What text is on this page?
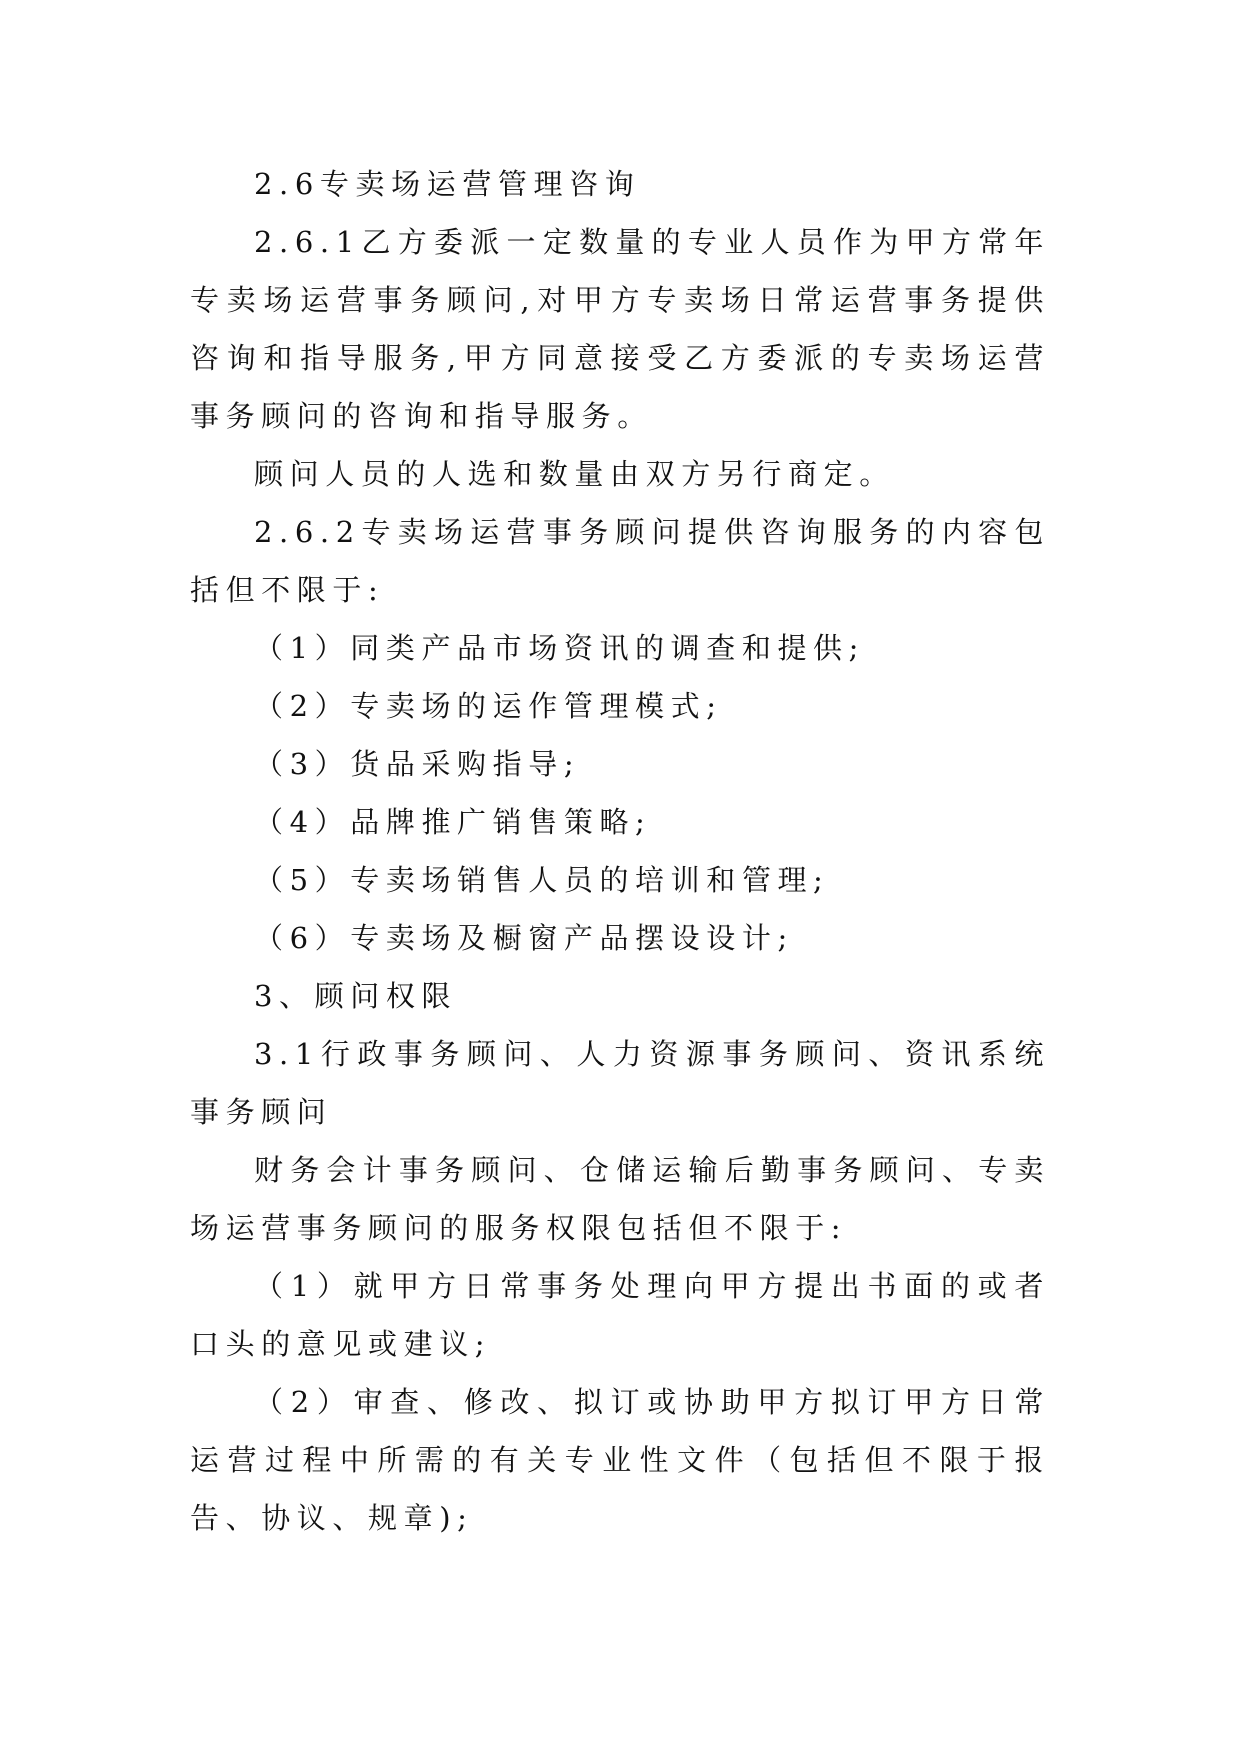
2.6专卖场运营管理咨询

2.6.1乙方委派一定数量的专业人员作为甲方常年专卖场运营事务顾问,对甲方专卖场日常运营事务提供咨询和指导服务,甲方同意接受乙方委派的专卖场运营事务顾问的咨询和指导服务。

顾问人员的人选和数量由双方另行商定。

2.6.2专卖场运营事务顾问提供咨询服务的内容包括但不限于:

（1）同类产品市场资讯的调查和提供;

（2）专卖场的运作管理模式;

（3）货品采购指导;

（4）品牌推广销售策略;

（5）专卖场销售人员的培训和管理;

（6）专卖场及橱窗产品摆设设计;

3、顾问权限

3.1行政事务顾问、人力资源事务顾问、资讯系统事务顾问

财务会计事务顾问、仓储运输后勤事务顾问、专卖场运营事务顾问的服务权限包括但不限于:

（1）就甲方日常事务处理向甲方提出书面的或者口头的意见或建议;

（2）审查、修改、拟订或协助甲方拟订甲方日常运营过程中所需的有关专业性文件（包括但不限于报告、协议、规章);
